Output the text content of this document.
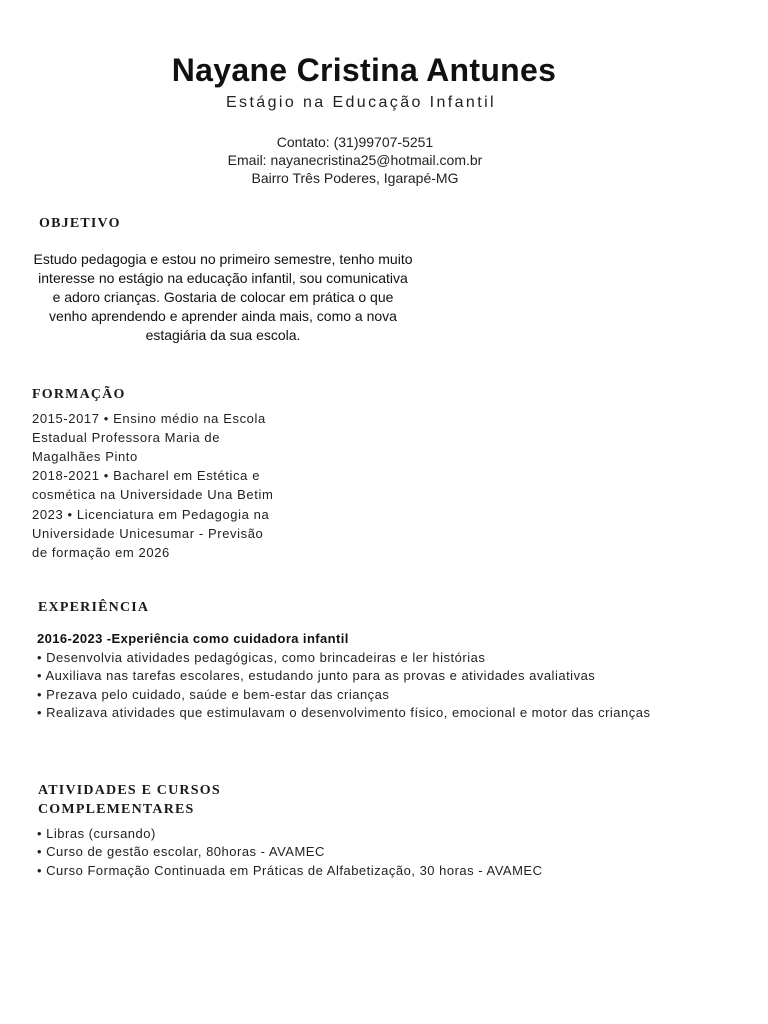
Nayane Cristina Antunes
Estágio na Educação Infantil
Contato: (31)99707-5251
Email: nayanecristina25@hotmail.com.br
Bairro Três Poderes, Igarapé-MG
OBJETIVO
Estudo pedagogia e estou no primeiro semestre, tenho muito
interesse no estágio na educação infantil, sou comunicativa
e adoro crianças. Gostaria de colocar em prática o que
venho aprendendo e aprender ainda mais, como a nova
estagiária da sua escola.
FORMAÇÃO
2015-2017 • Ensino médio na Escola
Estadual Professora Maria de
Magalhães Pinto
2018-2021 • Bacharel em Estética e
cosmética na Universidade Una Betim
2023 • Licenciatura em Pedagogia na
Universidade Unicesumar - Previsão
de formação em 2026
EXPERIÊNCIA
2016-2023 -Experiência como cuidadora infantil
• Desenvolvia atividades pedagógicas, como brincadeiras e ler histórias
• Auxiliava nas tarefas escolares, estudando junto para as provas e atividades avaliativas
• Prezava pelo cuidado, saúde e bem-estar das crianças
• Realizava atividades que estimulavam o desenvolvimento físico, emocional e motor das crianças
ATIVIDADES E CURSOS
COMPLEMENTARES
• Libras (cursando)
• Curso de gestão escolar, 80horas - AVAMEC
• Curso Formação Continuada em Práticas de Alfabetização, 30 horas - AVAMEC
